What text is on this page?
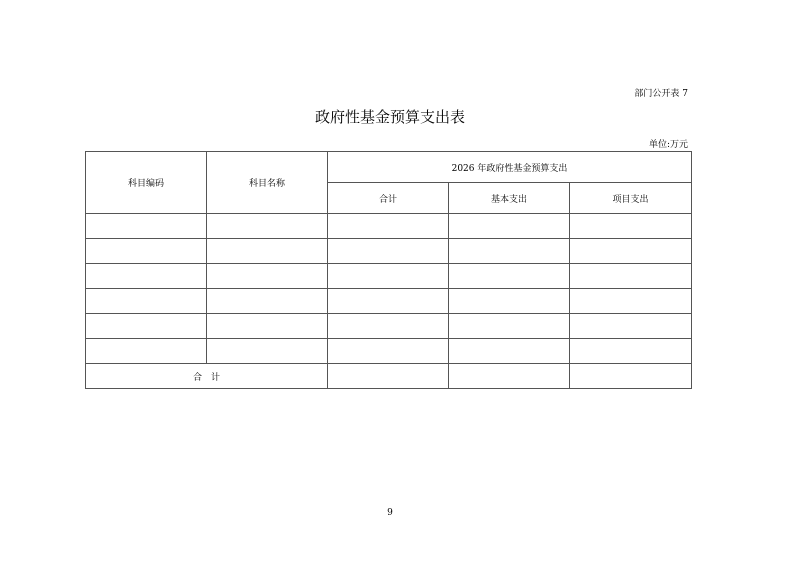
部门公开表 7
政府性基金预算支出表
单位:万元
科目编码	科目名称	2026 年政府性基金预算支出		
		合计	基本支出	项目支出

合　计				
9
